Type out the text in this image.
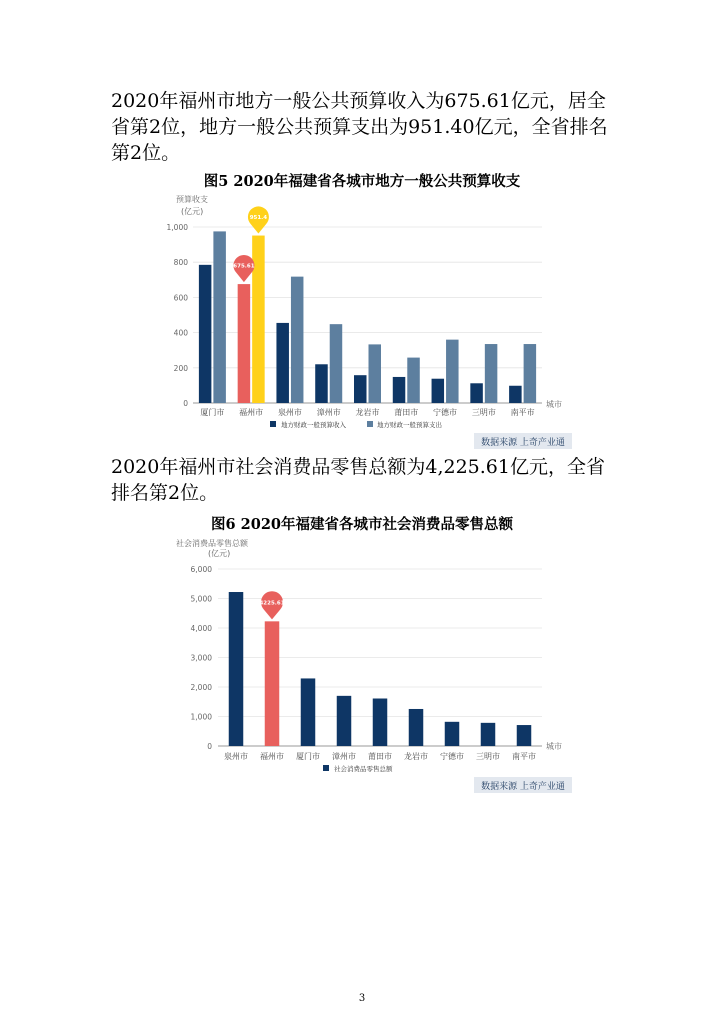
2020年福州市地方一般公共预算收入为675.61亿元，居全省第2位，地方一般公共预算支出为951.40亿元，全省排名第2位。

图5 2020年福建省各城市地方一般公共预算收支
预算收支
(亿元)
城市
0
200
400
600
800
1,000
厦门市 福州市 泉州市 漳州市 龙岩市 莆田市 宁德市 三明市 南平市
675.61
951.4
地方财政一般预算收入	地方财政一般预算支出
数据来源 上奇产业通

2020年福州市社会消费品零售总额为4,225.61亿元，全省排名第2位。

图6 2020年福建省各城市社会消费品零售总额
社会消费品零售总额
(亿元)
城市
0
1,000
2,000
3,000
4,000
5,000
6,000
泉州市 福州市 厦门市 漳州市 莆田市 龙岩市 宁德市 三明市 南平市
4225.61
社会消费品零售总额
数据来源 上奇产业通
3
